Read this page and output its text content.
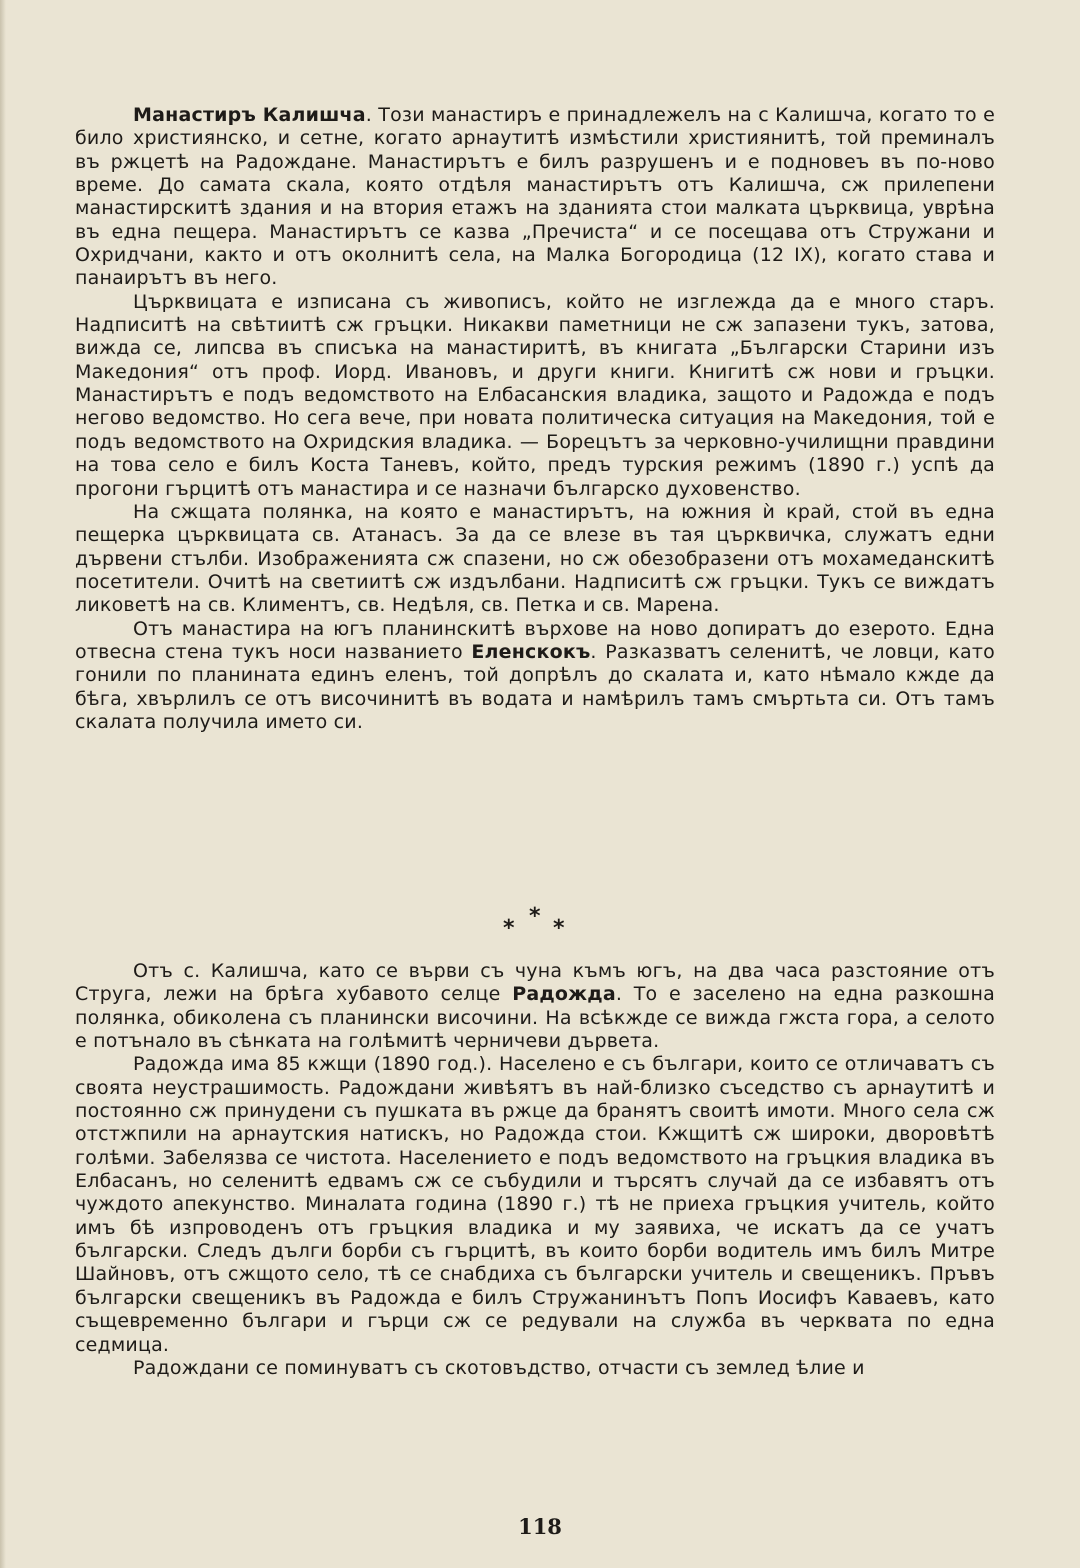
Манастиръ Калишча. Този манастиръ е принадлежелъ на с Калишча, когато то е било християнско, и сетне, когато арнаутитѣ измѣстили християнитѣ, той преминалъ въ ржцетѣ на Радождане. Манастирътъ е билъ разрушенъ и е подновеъ въ по-ново време. До самата скала, която отдѣля манастирътъ отъ Калишча, сж прилепени манастирскитѣ здания и на втория етажъ на зданията стои малката църквица, уврѣна въ една пещера. Манастирътъ се казва „Пречиста“ и се посещава отъ Стружани и Охридчани, както и отъ околнитѣ села, на Малка Богородица (12 IX), когато става и панаирътъ въ него.

Църквицата е изписана съ живописъ, който не изглежда да е много старъ. Надписитѣ на свѣтиитѣ сж гръцки. Никакви паметници не сж запазени тукъ, затова, вижда се, липсва въ списъка на манастиритѣ, въ книгата „Български Старини изъ Македония“ отъ проф. Иорд. Ивановъ, и други книги. Книгитѣ сж нови и гръцки. Манастирътъ е подъ ведомството на Елбасанския владика, защото и Радожда е подъ негово ведомство. Но сега вече, при новата политическа ситуация на Македония, той е подъ ведомството на Охридския владика. — Борецътъ за черковно-училищни правдини на това село е билъ Коста Таневъ, който, предъ турския режимъ (1890 г.) успѣ да прогони гърцитѣ отъ манастира и се назначи българско духовенство.

На сжщата полянка, на която е манастирътъ, на южния ѝ край, стой въ една пещерка църквицата св. Атанасъ. За да се влезе въ тая църквичка, служатъ едни дървени стълби. Изображенията сж спазени, но сж обезобразени отъ мохамеданскитѣ посетители. Очитѣ на светиитѣ сж издълбани. Надписитѣ сж гръцки. Тукъ се виждатъ ликоветѣ на св. Климентъ, св. Недѣля, св. Петка и св. Марена.

Отъ манастира на югъ планинскитѣ върхове на ново допиратъ до езерото. Една отвесна стена тукъ носи названието Еленскокъ. Разказватъ селенитѣ, че ловци, като гонили по планината единъ еленъ, той допрѣлъ до скалата и, като нѣмало кжде да бѣга, хвърлилъ се отъ височинитѣ въ водата и намѣрилъ тамъ смъртьта си. Отъ тамъ скалата получила името си.

*
* *

Отъ с. Калишча, като се върви съ чуна къмъ югъ, на два часа разстояние отъ Струга, лежи на брѣга хубавото селце Радожда. То е заселено на една разкошна полянка, обиколена съ планински височини. На всѣкжде се вижда гжста гора, а селото е потънало въ сѣнката на голѣмитѣ черничеви дървета.

Радожда има 85 кжщи (1890 год.). Населено е съ българи, които се отличаватъ съ своята неустрашимость. Радождани живѣятъ въ най-близко съседство съ арнаутитѣ и постоянно сж принудени съ пушката въ ржце да бранятъ своитѣ имоти. Много села сж отстжпили на арнаутския натискъ, но Радожда стои. Кжщитѣ сж широки, дворовѣтѣ голѣми. Забелязва се чистота. Населението е подъ ведомството на гръцкия владика въ Елбасанъ, но селенитѣ едвамъ сж се събудили и търсятъ случай да се избавятъ отъ чуждото апекунство. Миналата година (1890 г.) тѣ не приеха гръцкия учитель, който имъ бѣ изпроводенъ отъ гръцкия владика и му заявиха, че искатъ да се учатъ български. Следъ дълги борби съ гърцитѣ, въ които борби водитель имъ билъ Митре Шайновъ, отъ сжщото село, тѣ се снабдиха съ български учитель и свещеникъ. Пръвъ български свещеникъ въ Радожда е билъ Стружанинътъ Попъ Иосифъ Каваевъ, като същевременно българи и гърци сж се редували на служба въ черквата по една седмица.

Радождани се поминуватъ съ скотовъдство, отчасти съ землед ѣлие и

118
